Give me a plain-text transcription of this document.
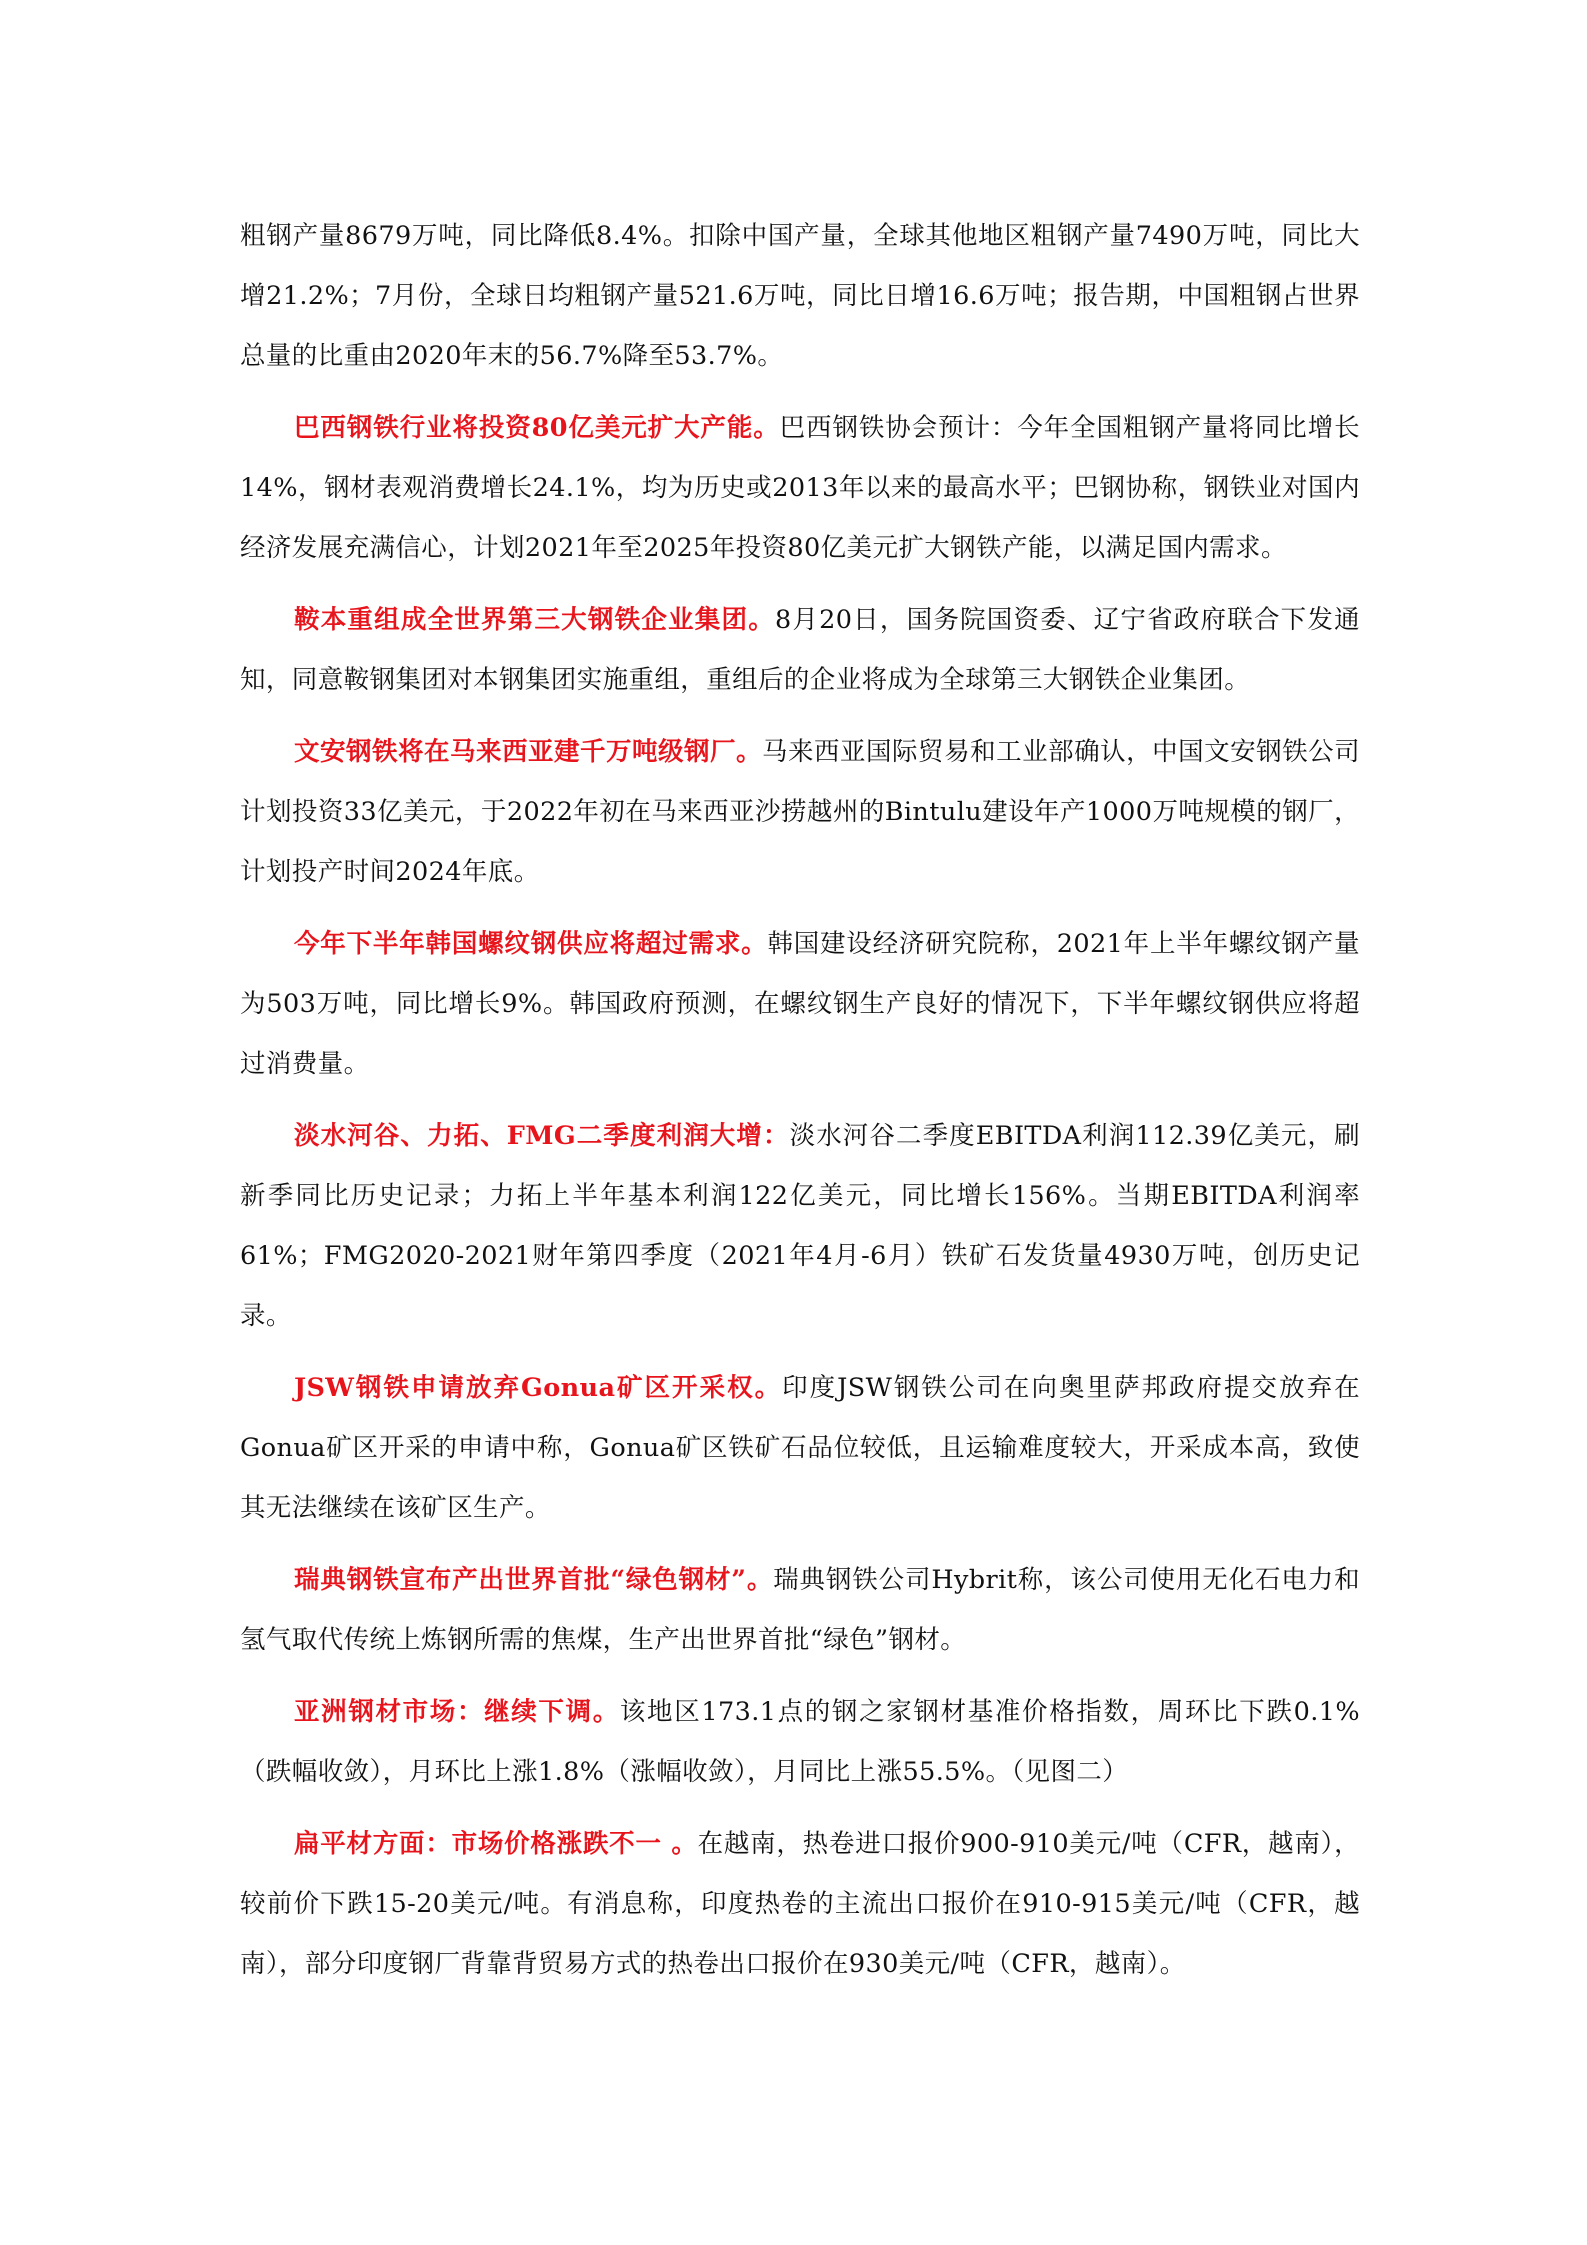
粗钢产量8679万吨，同比降低8.4%。扣除中国产量，全球其他地区粗钢产量7490万吨，同比大增21.2%；7月份，全球日均粗钢产量521.6万吨，同比日增16.6万吨；报告期，中国粗钢占世界总量的比重由2020年末的56.7%降至53.7%。

巴西钢铁行业将投资80亿美元扩大产能。巴西钢铁协会预计：今年全国粗钢产量将同比增长14%，钢材表观消费增长24.1%，均为历史或2013年以来的最高水平；巴钢协称，钢铁业对国内经济发展充满信心，计划2021年至2025年投资80亿美元扩大钢铁产能，以满足国内需求。

鞍本重组成全世界第三大钢铁企业集团。8月20日，国务院国资委、辽宁省政府联合下发通知，同意鞍钢集团对本钢集团实施重组，重组后的企业将成为全球第三大钢铁企业集团。

文安钢铁将在马来西亚建千万吨级钢厂。马来西亚国际贸易和工业部确认，中国文安钢铁公司计划投资33亿美元，于2022年初在马来西亚沙捞越州的Bintulu建设年产1000万吨规模的钢厂，计划投产时间2024年底。

今年下半年韩国螺纹钢供应将超过需求。韩国建设经济研究院称，2021年上半年螺纹钢产量为503万吨，同比增长9%。韩国政府预测，在螺纹钢生产良好的情况下，下半年螺纹钢供应将超过消费量。

淡水河谷、力拓、FMG二季度利润大增：淡水河谷二季度EBITDA利润112.39亿美元，刷新季同比历史记录；力拓上半年基本利润122亿美元，同比增长156%。当期EBITDA利润率61%；FMG2020-2021财年第四季度（2021年4月-6月）铁矿石发货量4930万吨，创历史记录。

JSW钢铁申请放弃Gonua矿区开采权。印度JSW钢铁公司在向奥里萨邦政府提交放弃在Gonua矿区开采的申请中称，Gonua矿区铁矿石品位较低，且运输难度较大，开采成本高，致使其无法继续在该矿区生产。

瑞典钢铁宣布产出世界首批“绿色钢材”。瑞典钢铁公司Hybrit称，该公司使用无化石电力和氢气取代传统上炼钢所需的焦煤，生产出世界首批“绿色”钢材。

亚洲钢材市场：继续下调。该地区173.1点的钢之家钢材基准价格指数，周环比下跌0.1%（跌幅收敛），月环比上涨1.8%（涨幅收敛），月同比上涨55.5%。（见图二）

扁平材方面：市场价格涨跌不一 。在越南，热卷进口报价900-910美元/吨（CFR，越南），较前价下跌15-20美元/吨。有消息称，印度热卷的主流出口报价在910-915美元/吨（CFR，越南），部分印度钢厂背靠背贸易方式的热卷出口报价在930美元/吨（CFR，越南）。
